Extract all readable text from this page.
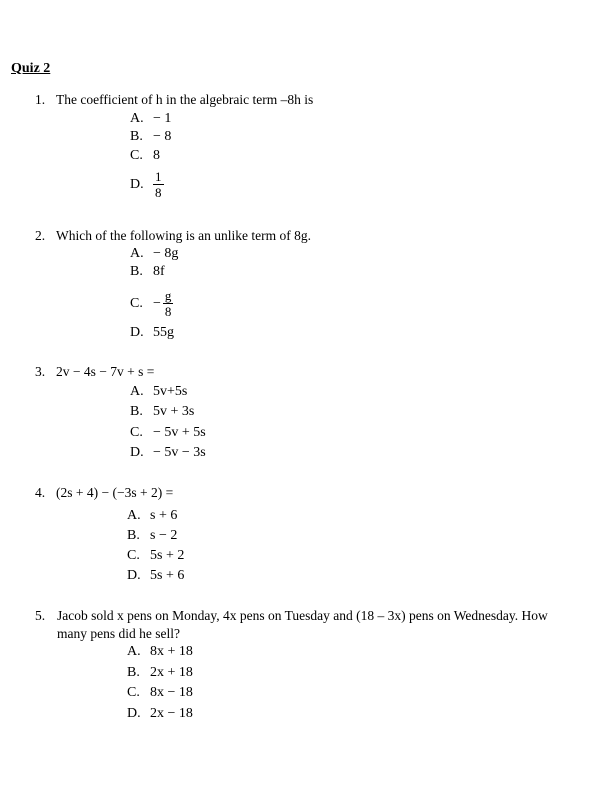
Quiz 2
1. The coefficient of h in the algebraic term –8h is
A. − 1
B. − 8
C. 8
D. $\frac{1}{8}$
2. Which of the following is an unlike term of 8g.
A. − 8g
B. 8f
C. − $\frac{g}{8}$
D. 55g
3. 2v − 4s − 7v + s =
A. 5v+5s
B. 5v + 3s
C. − 5v + 5s
D. − 5v − 3s
4. (2s + 4) − (−3s + 2) =
A. s + 6
B. s − 2
C. 5s + 2
D. 5s + 6
5. Jacob sold x pens on Monday, 4x pens on Tuesday and (18 – 3x) pens on Wednesday. How many pens did he sell?
A. 8x + 18
B. 2x + 18
C. 8x − 18
D. 2x − 18
